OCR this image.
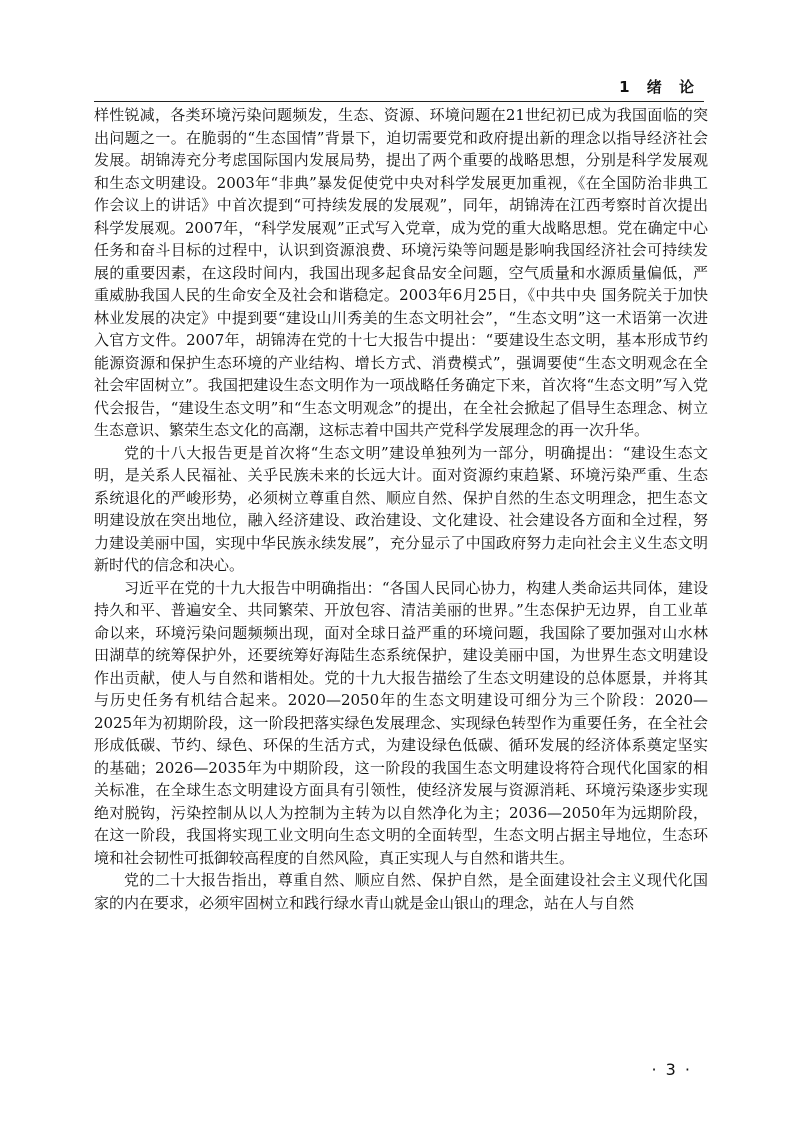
1 绪 论

样性锐减，各类环境污染问题频发，生态、资源、环境问题在21世纪初已成为我国面临的突出问题之一。在脆弱的“生态国情”背景下，迫切需要党和政府提出新的理念以指导经济社会发展。胡锦涛充分考虑国际国内发展局势，提出了两个重要的战略思想，分别是科学发展观和生态文明建设。2003年“非典”暴发促使党中央对科学发展更加重视，《在全国防治非典工作会议上的讲话》中首次提到“可持续发展的发展观”，同年，胡锦涛在江西考察时首次提出科学发展观。2007年，“科学发展观”正式写入党章，成为党的重大战略思想。党在确定中心任务和奋斗目标的过程中，认识到资源浪费、环境污染等问题是影响我国经济社会可持续发展的重要因素，在这段时间内，我国出现多起食品安全问题，空气质量和水源质量偏低，严重威胁我国人民的生命安全及社会和谐稳定。2003年6月25日，《中共中央 国务院关于加快林业发展的决定》中提到要“建设山川秀美的生态文明社会”，“生态文明”这一术语第一次进入官方文件。2007年，胡锦涛在党的十七大报告中提出：“要建设生态文明，基本形成节约能源资源和保护生态环境的产业结构、增长方式、消费模式”，强调要使“生态文明观念在全社会牢固树立”。我国把建设生态文明作为一项战略任务确定下来，首次将“生态文明”写入党代会报告，“建设生态文明”和“生态文明观念”的提出，在全社会掀起了倡导生态理念、树立生态意识、繁荣生态文化的高潮，这标志着中国共产党科学发展理念的再一次升华。

党的十八大报告更是首次将“生态文明”建设单独列为一部分，明确提出：“建设生态文明，是关系人民福祉、关乎民族未来的长远大计。面对资源约束趋紧、环境污染严重、生态系统退化的严峻形势，必须树立尊重自然、顺应自然、保护自然的生态文明理念，把生态文明建设放在突出地位，融入经济建设、政治建设、文化建设、社会建设各方面和全过程，努力建设美丽中国，实现中华民族永续发展”，充分显示了中国政府努力走向社会主义生态文明新时代的信念和决心。

习近平在党的十九大报告中明确指出：“各国人民同心协力，构建人类命运共同体，建设持久和平、普遍安全、共同繁荣、开放包容、清洁美丽的世界。”生态保护无边界，自工业革命以来，环境污染问题频频出现，面对全球日益严重的环境问题，我国除了要加强对山水林田湖草的统筹保护外，还要统筹好海陆生态系统保护，建设美丽中国，为世界生态文明建设作出贡献，使人与自然和谐相处。党的十九大报告描绘了生态文明建设的总体愿景，并将其与历史任务有机结合起来。2020—2050年的生态文明建设可细分为三个阶段：2020—2025年为初期阶段，这一阶段把落实绿色发展理念、实现绿色转型作为重要任务，在全社会形成低碳、节约、绿色、环保的生活方式，为建设绿色低碳、循环发展的经济体系奠定坚实的基础；2026—2035年为中期阶段，这一阶段的我国生态文明建设将符合现代化国家的相关标准，在全球生态文明建设方面具有引领性，使经济发展与资源消耗、环境污染逐步实现绝对脱钩，污染控制从以人为控制为主转为以自然净化为主；2036—2050年为远期阶段，在这一阶段，我国将实现工业文明向生态文明的全面转型，生态文明占据主导地位，生态环境和社会韧性可抵御较高程度的自然风险，真正实现人与自然和谐共生。

党的二十大报告指出，尊重自然、顺应自然、保护自然，是全面建设社会主义现代化国家的内在要求，必须牢固树立和践行绿水青山就是金山银山的理念，站在人与自然

· 3 ·
